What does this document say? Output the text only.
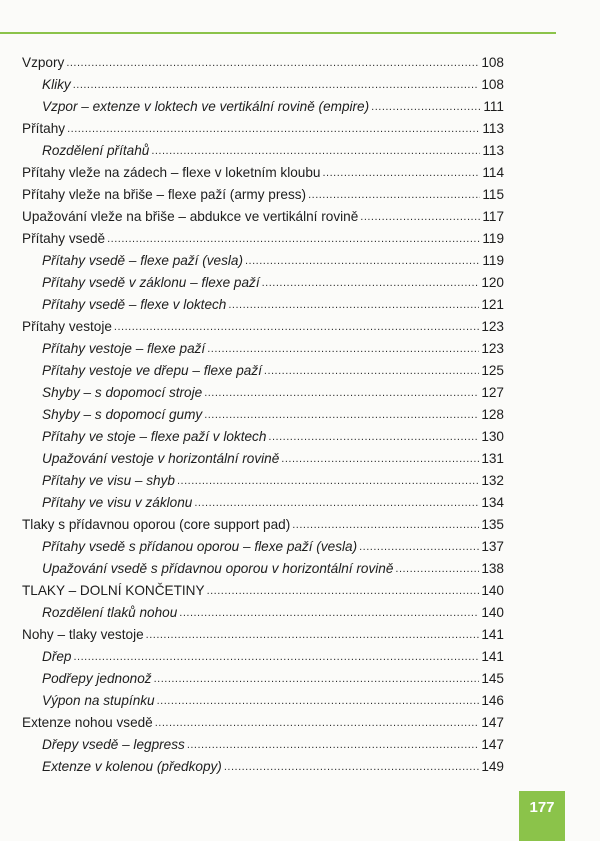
Vzpory .....	108
Kliky .....	108
Vzpor – extenze v loktech ve vertikální rovině (empire) .....	111
Přítahy .....	113
Rozdělení přítahů .....	113
Přítahy vleže na zádech – flexe v loketním kloubu .....	114
Přítahy vleže na břiše – flexe paží (army press) .....	115
Upažování vleže na břiše – abdukce ve vertikální rovině .....	117
Přítahy vsedě .....	119
Přítahy vsedě – flexe paží (vesla) .....	119
Přítahy vsedě v záklonu – flexe paží .....	120
Přítahy vsedě – flexe v loktech .....	121
Přítahy vestoje .....	123
Přítahy vestoje – flexe paží .....	123
Přítahy vestoje ve dřepu – flexe paží .....	125
Shyby – s dopomocí stroje .....	127
Shyby – s dopomocí gumy .....	128
Přítahy ve stoje – flexe paží v loktech .....	130
Upažování vestoje v horizontální rovině .....	131
Přítahy ve visu – shyb .....	132
Přítahy ve visu v záklonu .....	134
Tlaky s přídavnou oporou (core support pad) .....	135
Přítahy vsedě s přídanou oporou – flexe paží (vesla) .....	137
Upažování vsedě s přídavnou oporou v horizontální rovině .....	138
TLAKY – DOLNÍ KONČETINY .....	140
Rozdělení tlaků nohou .....	140
Nohy – tlaky vestoje .....	141
Dřep .....	141
Podřepy jednonož .....	145
Výpon na stupínku .....	146
Extenze nohou vsedě .....	147
Dřepy vsedě – legpress .....	147
Extenze v kolenou (předkopy) .....	149
177
